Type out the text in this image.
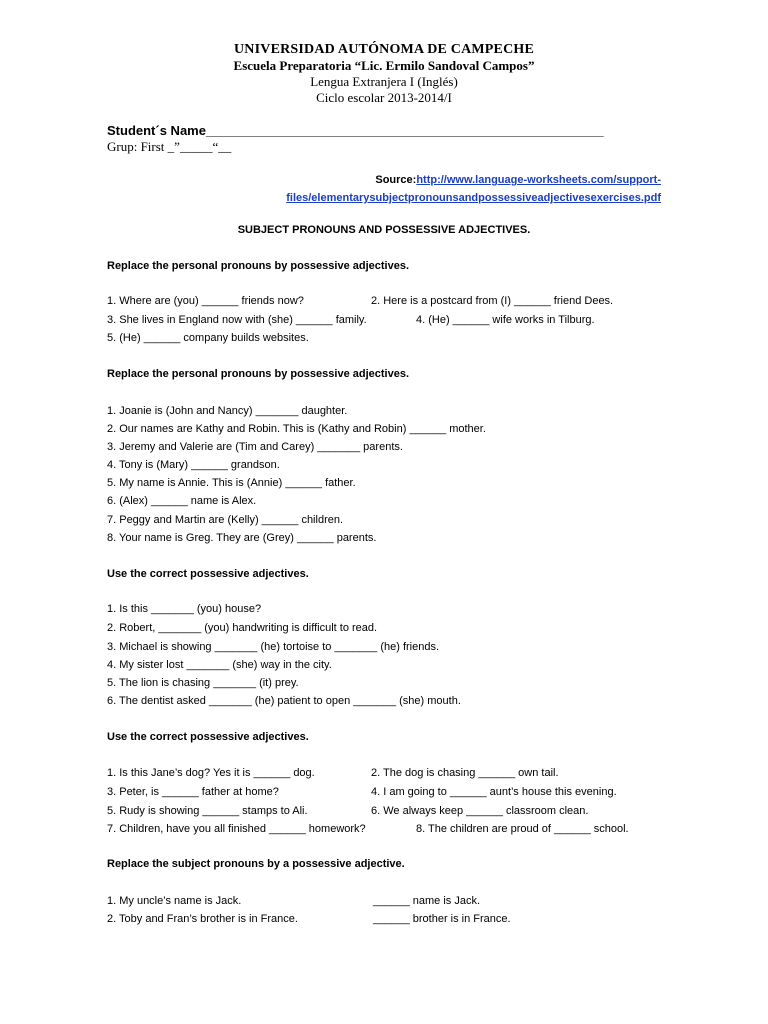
UNIVERSIDAD AUTÓNOMA DE CAMPECHE
Escuela Preparatoria “Lic. Ermilo Sandoval Campos”
Lengua Extranjera I (Inglés)
Ciclo escolar 2013-2014/I
Student´s Name_______________________________________________________
Grup: First _”_____“__
Source:http://www.language-worksheets.com/support-
files/elementarysubjectpronounsandpossessiveadjectivesexercises.pdf
SUBJECT PRONOUNS AND POSSESSIVE ADJECTIVES.
Replace the personal pronouns by possessive adjectives.
1. Where are (you) ______ friends now?	2. Here is a postcard from (I) ______ friend Dees.
3. She lives in England now with (she) ______ family.	4. (He) ______ wife works in Tilburg.
5. (He) ______ company builds websites.
Replace the personal pronouns by possessive adjectives.
1. Joanie is (John and Nancy) _______ daughter.
2. Our names are Kathy and Robin. This is (Kathy and Robin) ______ mother.
3. Jeremy and Valerie are (Tim and Carey) _______ parents.
4. Tony is (Mary) ______ grandson.
5. My name is Annie. This is (Annie) ______ father.
6. (Alex) ______ name is Alex.
7. Peggy and Martin are (Kelly) ______ children.
8. Your name is Greg. They are (Grey) ______ parents.
Use the correct possessive adjectives.
1. Is this _______ (you) house?
2. Robert, _______ (you) handwriting is difficult to read.
3. Michael is showing _______ (he) tortoise to _______ (he) friends.
4. My sister lost _______ (she) way in the city.
5. The lion is chasing _______ (it) prey.
6. The dentist asked _______ (he) patient to open _______ (she) mouth.
Use the correct possessive adjectives.
1. Is this Jane’s dog? Yes it is ______ dog.	2. The dog is chasing ______ own tail.
3. Peter, is ______ father at home?	4. I am going to ______ aunt’s house this evening.
5. Rudy is showing ______ stamps to Ali.	6. We always keep ______ classroom clean.
7. Children, have you all finished ______ homework?	8. The children are proud of ______ school.
Replace the subject pronouns by a possessive adjective.
1. My uncle’s name is Jack.	______ name is Jack.
2. Toby and Fran’s brother is in France.	______ brother is in France.
